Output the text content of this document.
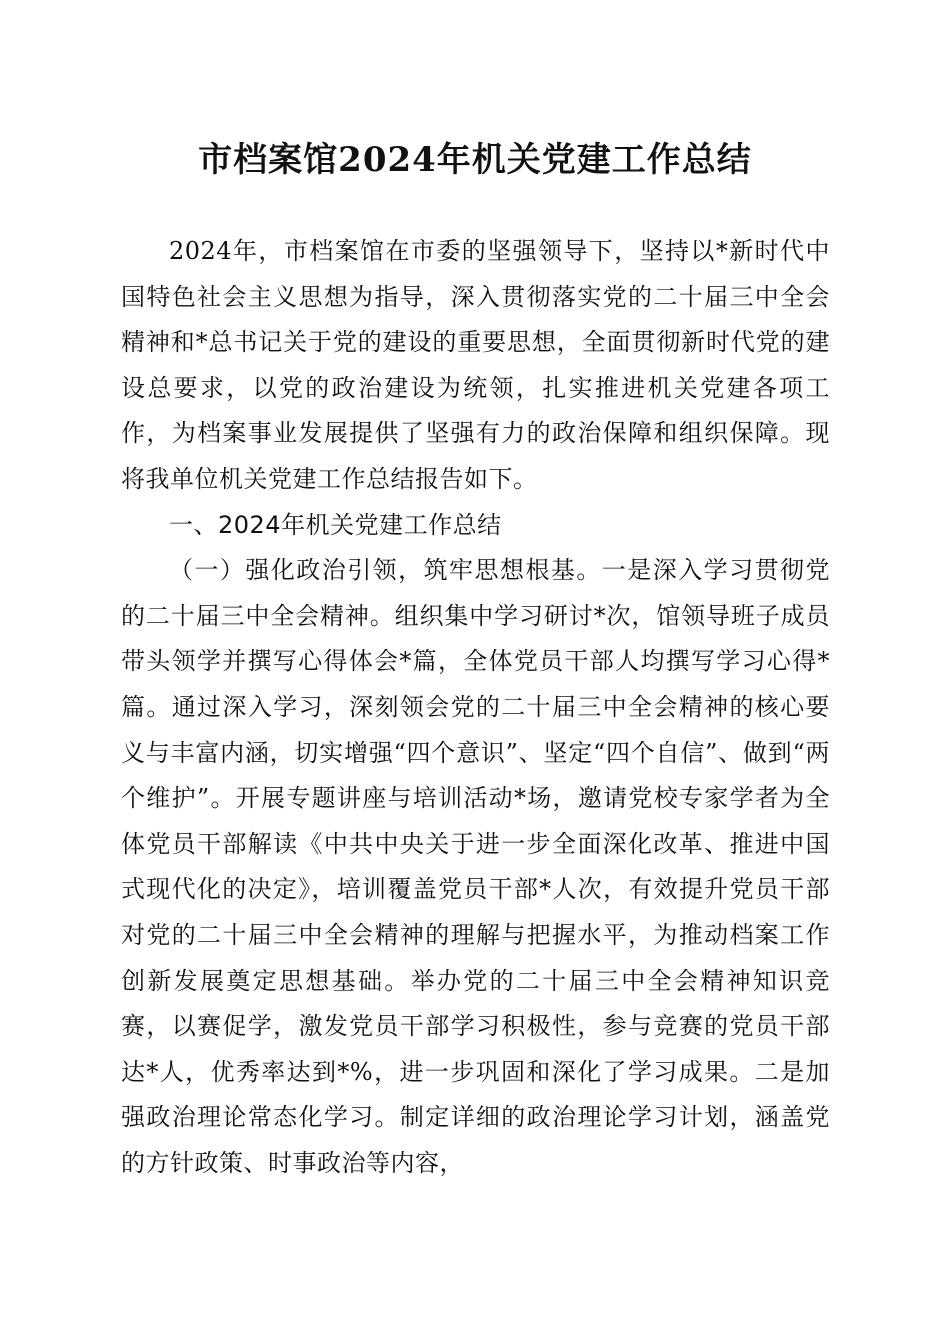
市档案馆2024年机关党建工作总结

2024年，市档案馆在市委的坚强领导下，坚持以*新时代中国特色社会主义思想为指导，深入贯彻落实党的二十届三中全会精神和*总书记关于党的建设的重要思想，全面贯彻新时代党的建设总要求，以党的政治建设为统领，扎实推进机关党建各项工作，为档案事业发展提供了坚强有力的政治保障和组织保障。现将我单位机关党建工作总结报告如下。

一、2024年机关党建工作总结

（一）强化政治引领，筑牢思想根基。一是深入学习贯彻党的二十届三中全会精神。组织集中学习研讨*次，馆领导班子成员带头领学并撰写心得体会*篇，全体党员干部人均撰写学习心得*篇。通过深入学习，深刻领会党的二十届三中全会精神的核心要义与丰富内涵，切实增强“四个意识”、坚定“四个自信”、做到“两个维护”。开展专题讲座与培训活动*场，邀请党校专家学者为全体党员干部解读《中共中央关于进一步全面深化改革、推进中国式现代化的决定》，培训覆盖党员干部*人次，有效提升党员干部对党的二十届三中全会精神的理解与把握水平，为推动档案工作创新发展奠定思想基础。举办党的二十届三中全会精神知识竞赛，以赛促学，激发党员干部学习积极性，参与竞赛的党员干部达*人，优秀率达到*%，进一步巩固和深化了学习成果。二是加强政治理论常态化学习。制定详细的政治理论学习计划，涵盖党的方针政策、时事政治等内容，
